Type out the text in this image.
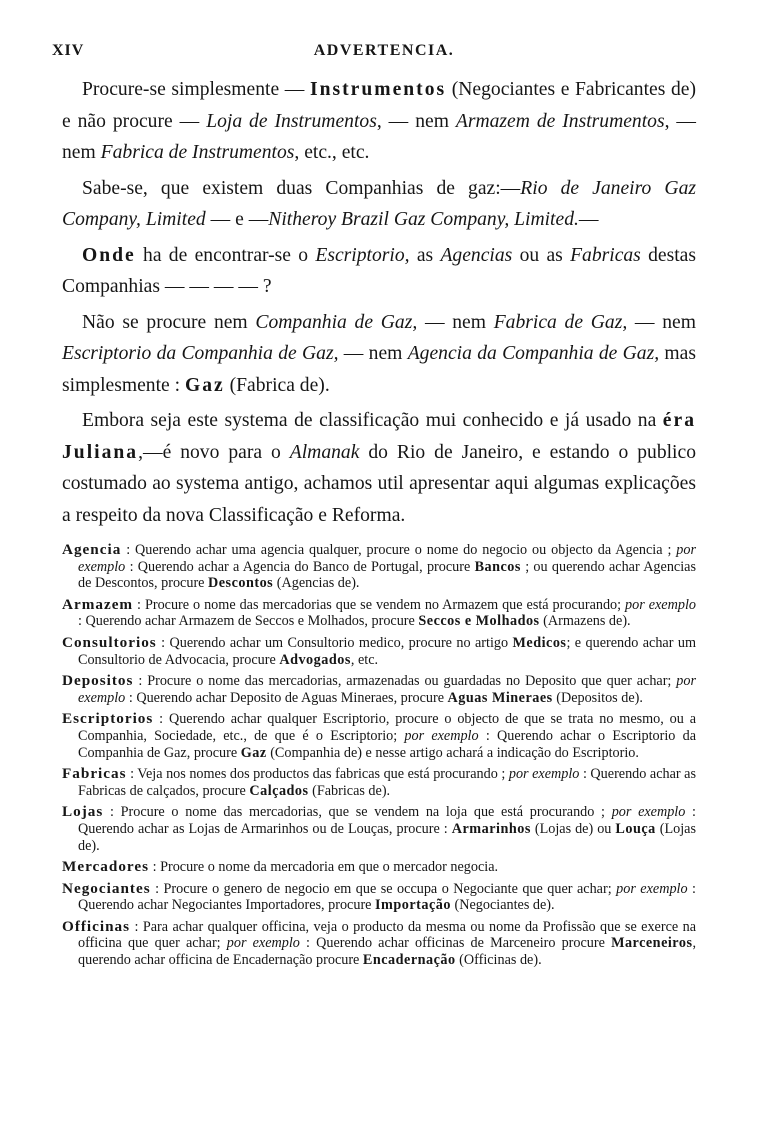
XIV	ADVERTENCIA.

Procure-se simplesmente — Instrumentos (Negociantes e Fabricantes de) e não procure — Loja de Instrumentos, — nem Armazem de Instrumentos, — nem Fabrica de Instrumentos, etc., etc.

Sabe-se, que existem duas Companhias de gaz:—Rio de Janeiro Gaz Company, Limited — e —Nitheroy Brazil Gaz Company, Limited.—

Onde ha de encontrar-se o Escriptorio, as Agencias ou as Fabricas destas Companhias — — — — ?

Não se procure nem Companhia de Gaz, — nem Fabrica de Gaz, — nem Escriptorio da Companhia de Gaz, — nem Agencia da Companhia de Gaz, mas simplesmente : Gaz (Fabrica de).

Embora seja este systema de classificação mui conhecido e já usado na éra Juliana,—é novo para o Almanak do Rio de Janeiro, e estando o publico costumado ao systema antigo, achamos util apresentar aqui algumas explicações a respeito da nova Classificação e Reforma.

Agencia : Querendo achar uma agencia qualquer, procure o nome do negocio ou objecto da Agencia ; por exemplo : Querendo achar a Agencia do Banco de Portugal, procure Bancos ; ou querendo achar Agencias de Descontos, procure Descontos (Agencias de).

Armazem : Procure o nome das mercadorias que se vendem no Armazem que está procurando; por exemplo : Querendo achar Armazem de Seccos e Molhados, procure Seccos e Molhados (Armazens de).

Consultorios : Querendo achar um Consultorio medico, procure no artigo Medicos; e querendo achar um Consultorio de Advocacia, procure Advogados, etc.

Depositos : Procure o nome das mercadorias, armazenadas ou guardadas no Deposito que quer achar; por exemplo : Querendo achar Deposito de Aguas Mineraes, procure Aguas Mineraes (Depositos de).

Escriptorios : Querendo achar qualquer Escriptorio, procure o objecto de que se trata no mesmo, ou a Companhia, Sociedade, etc., de que é o Escriptorio; por exemplo : Querendo achar o Escriptorio da Companhia de Gaz, procure Gaz (Companhia de) e nesse artigo achará a indicação do Escriptorio.

Fabricas : Veja nos nomes dos productos das fabricas que está procurando ; por exemplo : Querendo achar as Fabricas de calçados, procure Calçados (Fabricas de).

Lojas : Procure o nome das mercadorias, que se vendem na loja que está procurando ; por exemplo : Querendo achar as Lojas de Armarinhos ou de Louças, procure : Armarinhos (Lojas de) ou Louça (Lojas de).

Mercadores : Procure o nome da mercadoria em que o mercador negocia.

Negociantes : Procure o genero de negocio em que se occupa o Negociante que quer achar; por exemplo : Querendo achar Negociantes Importadores, procure Importação (Negociantes de).

Officinas : Para achar qualquer officina, veja o producto da mesma ou nome da Profissão que se exerce na officina que quer achar; por exemplo : Querendo achar officinas de Marceneiro procure Marceneiros, querendo achar officina de Encadernação procure Encadernação (Officinas de).
